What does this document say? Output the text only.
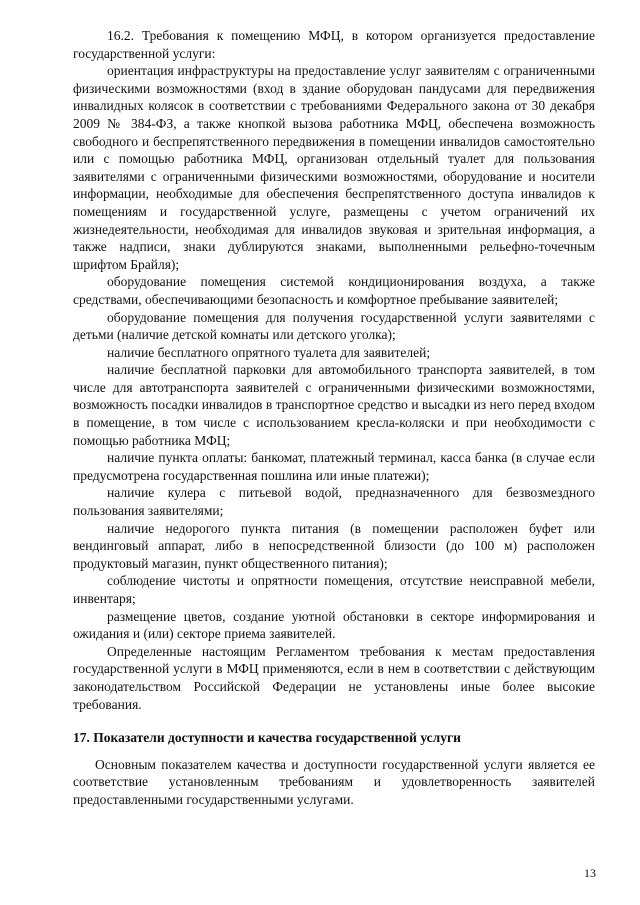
16.2. Требования к помещению МФЦ, в котором организуется предоставление государственной услуги:

ориентация инфраструктуры на предоставление услуг заявителям с ограниченными физическими возможностями (вход в здание оборудован пандусами для передвижения инвалидных колясок в соответствии с требованиями Федерального закона от 30 декабря 2009 № 384-ФЗ, а также кнопкой вызова работника МФЦ, обеспечена возможность свободного и беспрепятственного передвижения в помещении инвалидов самостоятельно или с помощью работника МФЦ, организован отдельный туалет для пользования заявителями с ограниченными физическими возможностями, оборудование и носители информации, необходимые для обеспечения беспрепятственного доступа инвалидов к помещениям и государственной услуге, размещены с учетом ограничений их жизнедеятельности, необходимая для инвалидов звуковая и зрительная информация, а также надписи, знаки дублируются знаками, выполненными рельефно-точечным шрифтом Брайля);

оборудование помещения системой кондиционирования воздуха, а также средствами, обеспечивающими безопасность и комфортное пребывание заявителей;

оборудование помещения для получения государственной услуги заявителями с детьми (наличие детской комнаты или детского уголка);

наличие бесплатного опрятного туалета для заявителей;

наличие бесплатной парковки для автомобильного транспорта заявителей, в том числе для автотранспорта заявителей с ограниченными физическими возможностями, возможность посадки инвалидов в транспортное средство и высадки из него перед входом в помещение, в том числе с использованием кресла-коляски и при необходимости с помощью работника МФЦ;

наличие пункта оплаты: банкомат, платежный терминал, касса банка (в случае если предусмотрена государственная пошлина или иные платежи);

наличие кулера с питьевой водой, предназначенного для безвозмездного пользования заявителями;

наличие недорогого пункта питания (в помещении расположен буфет или вендинговый аппарат, либо в непосредственной близости (до 100 м) расположен продуктовый магазин, пункт общественного питания);

соблюдение чистоты и опрятности помещения, отсутствие неисправной мебели, инвентаря;

размещение цветов, создание уютной обстановки в секторе информирования и ожидания и (или) секторе приема заявителей.

Определенные настоящим Регламентом требования к местам предоставления государственной услуги в МФЦ применяются, если в нем в соответствии с действующим законодательством Российской Федерации не установлены иные более высокие требования.

17. Показатели доступности и качества государственной услуги

Основным показателем качества и доступности государственной услуги является ее соответствие установленным требованиям и удовлетворенность заявителей предоставленными государственными услугами.

13
